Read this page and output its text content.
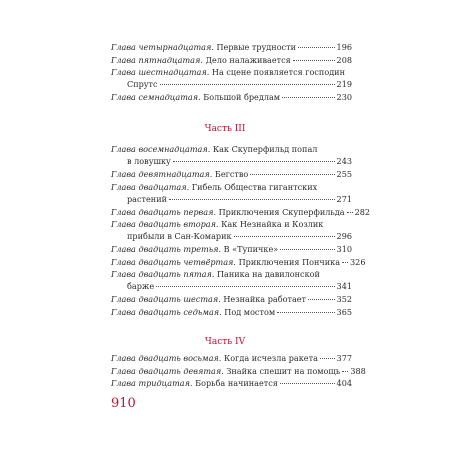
Часть III
Часть IV
Глава четырнадцатая. Первые трудности	196
Глава пятнадцатая. Дело налаживается	208
Глава шестнадцатая. На сцене появляется господин
Спрутс	219
Глава семнадцатая. Большой бредлам	230
Глава восемнадцатая. Как Скуперфильд попал
в ловушку	243
Глава девятнадцатая. Бегство	255
Глава двадцатая. Гибель Общества гигантских
растений	271
Глава двадцать первая. Приключения Скуперфильда 282
Глава двадцать вторая. Как Незнайка и Козлик
прибыли в Сан-Комарик	296
Глава двадцать третья. В «Тупичке»	310
Глава двадцать четвёртая. Приключения Пончика 326
Глава двадцать пятая. Паника на давилонской
барже	341
Глава двадцать шестая. Незнайка работает	352
Глава двадцать седьмая. Под мостом	365
Глава двадцать восьмая. Когда исчезла ракета 377
Глава двадцать девятая. Знайка спешит на помощь 388
Глава тридцатая. Борьба начинается	404
910
